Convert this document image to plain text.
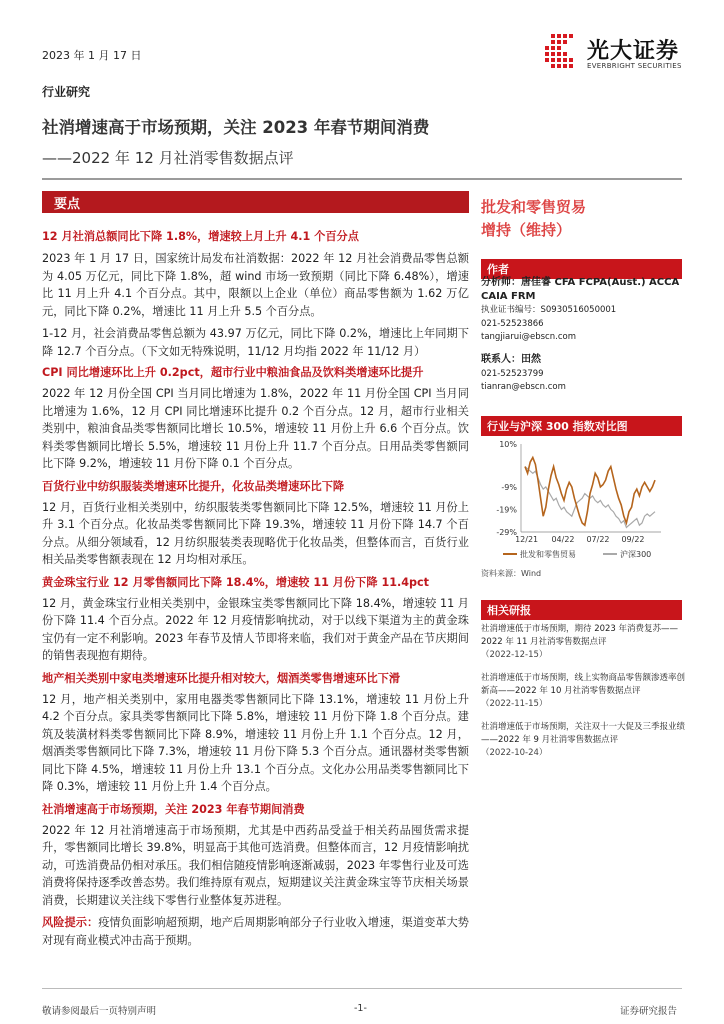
2023 年 1 月 17 日	光大证券
EVERBRIGHT SECURITIES
行业研究
社消增速高于市场预期，关注 2023 年春节期间消费
——2022 年 12 月社消零售数据点评
要点
12 月社消总额同比下降 1.8%，增速较上月上升 4.1 个百分点
2023 年 1 月 17 日，国家统计局发布社消数据：2022 年 12 月社会消费品零售总额为 4.05 万亿元，同比下降 1.8%，超 wind 市场一致预期（同比下降 6.48%），增速比 11 月上升 4.1 个百分点。其中，限额以上企业（单位）商品零售额为 1.62 万亿元，同比下降 0.2%，增速比 11 月上升 5.5 个百分点。
1-12 月，社会消费品零售总额为 43.97 万亿元，同比下降 0.2%，增速比上年同期下降 12.7 个百分点。（下文如无特殊说明，11/12 月均指 2022 年 11/12 月）
CPI 同比增速环比上升 0.2pct，超市行业中粮油食品及饮料类增速环比提升
2022 年 12 月份全国 CPI 当月同比增速为 1.8%，2022 年 11 月份全国 CPI 当月同比增速为 1.6%，12 月 CPI 同比增速环比提升 0.2 个百分点。12 月，超市行业相关类别中，粮油食品类零售额同比增长 10.5%，增速较 11 月份上升 6.6 个百分点。饮料类零售额同比增长 5.5%，增速较 11 月份上升 11.7 个百分点。日用品类零售额同比下降 9.2%，增速较 11 月份下降 0.1 个百分点。
百货行业中纺织服装类增速环比提升，化妆品类增速环比下降
12 月，百货行业相关类别中，纺织服装类零售额同比下降 12.5%，增速较 11 月份上升 3.1 个百分点。化妆品类零售额同比下降 19.3%，增速较 11 月份下降 14.7 个百分点。从细分领域看，12 月纺织服装类表现略优于化妆品类，但整体而言，百货行业相关品类零售额表现在 12 月均相对承压。
黄金珠宝行业 12 月零售额同比下降 18.4%，增速较 11 月份下降 11.4pct
12 月，黄金珠宝行业相关类别中，金银珠宝类零售额同比下降 18.4%，增速较 11 月份下降 11.4 个百分点。2022 年 12 月疫情影响扰动，对于以线下渠道为主的黄金珠宝仍有一定不利影响。2023 年春节及情人节即将来临，我们对于黄金产品在节庆期间的销售表现抱有期待。
地产相关类别中家电类增速环比提升相对较大，烟酒类零售增速环比下滑
12 月，地产相关类别中，家用电器类零售额同比下降 13.1%，增速较 11 月份上升 4.2 个百分点。家具类零售额同比下降 5.8%，增速较 11 月份下降 1.8 个百分点。建筑及装潢材料类零售额同比下降 8.9%，增速较 11 月份上升 1.1 个百分点。12 月，烟酒类零售额同比下降 7.3%，增速较 11 月份下降 5.3 个百分点。通讯器材类零售额同比下降 4.5%，增速较 11 月份上升 13.1 个百分点。文化办公用品类零售额同比下降 0.3%，增速较 11 月份上升 1.4 个百分点。
社消增速高于市场预期，关注 2023 年春节期间消费
2022 年 12 月社消增速高于市场预期，尤其是中西药品受益于相关药品囤货需求提升，零售额同比增长 39.8%，明显高于其他可选消费。但整体而言，12 月疫情影响扰动，可选消费品仍相对承压。我们相信随疫情影响逐渐减弱，2023 年零售行业及可选消费将保持逐季改善态势。我们维持原有观点，短期建议关注黄金珠宝等节庆相关场景消费，长期建议关注线下零售行业整体复苏进程。
风险提示：疫情负面影响超预期，地产后周期影响部分子行业收入增速，渠道变革大势对现有商业模式冲击高于预期。
批发和零售贸易
增持（维持）
作者
分析师：唐佳睿 CFA FCPA(Aust.) ACCA CAIA FRM
执业证书编号：S0930516050001
021-52523866
tangjiarui@ebscn.com
联系人：田然
021-52523799
tianran@ebscn.com
行业与沪深 300 指数对比图
10%
-9%
-19%
-29%
12/21 04/22 07/22 09/22
批发和零售贸易	沪深300
资料来源：Wind
相关研报
社消增速低于市场预期，期待 2023 年消费复苏——2022 年 11 月社消零售数据点评
（2022-12-15）
社消增速低于市场预期，线上实物商品零售额渗透率创新高——2022 年 10 月社消零售数据点评
（2022-11-15）
社消增速低于市场预期，关注双十一大促及三季报业绩——2022 年 9 月社消零售数据点评
（2022-10-24）
敬请参阅最后一页特别声明	-1-	证券研究报告
